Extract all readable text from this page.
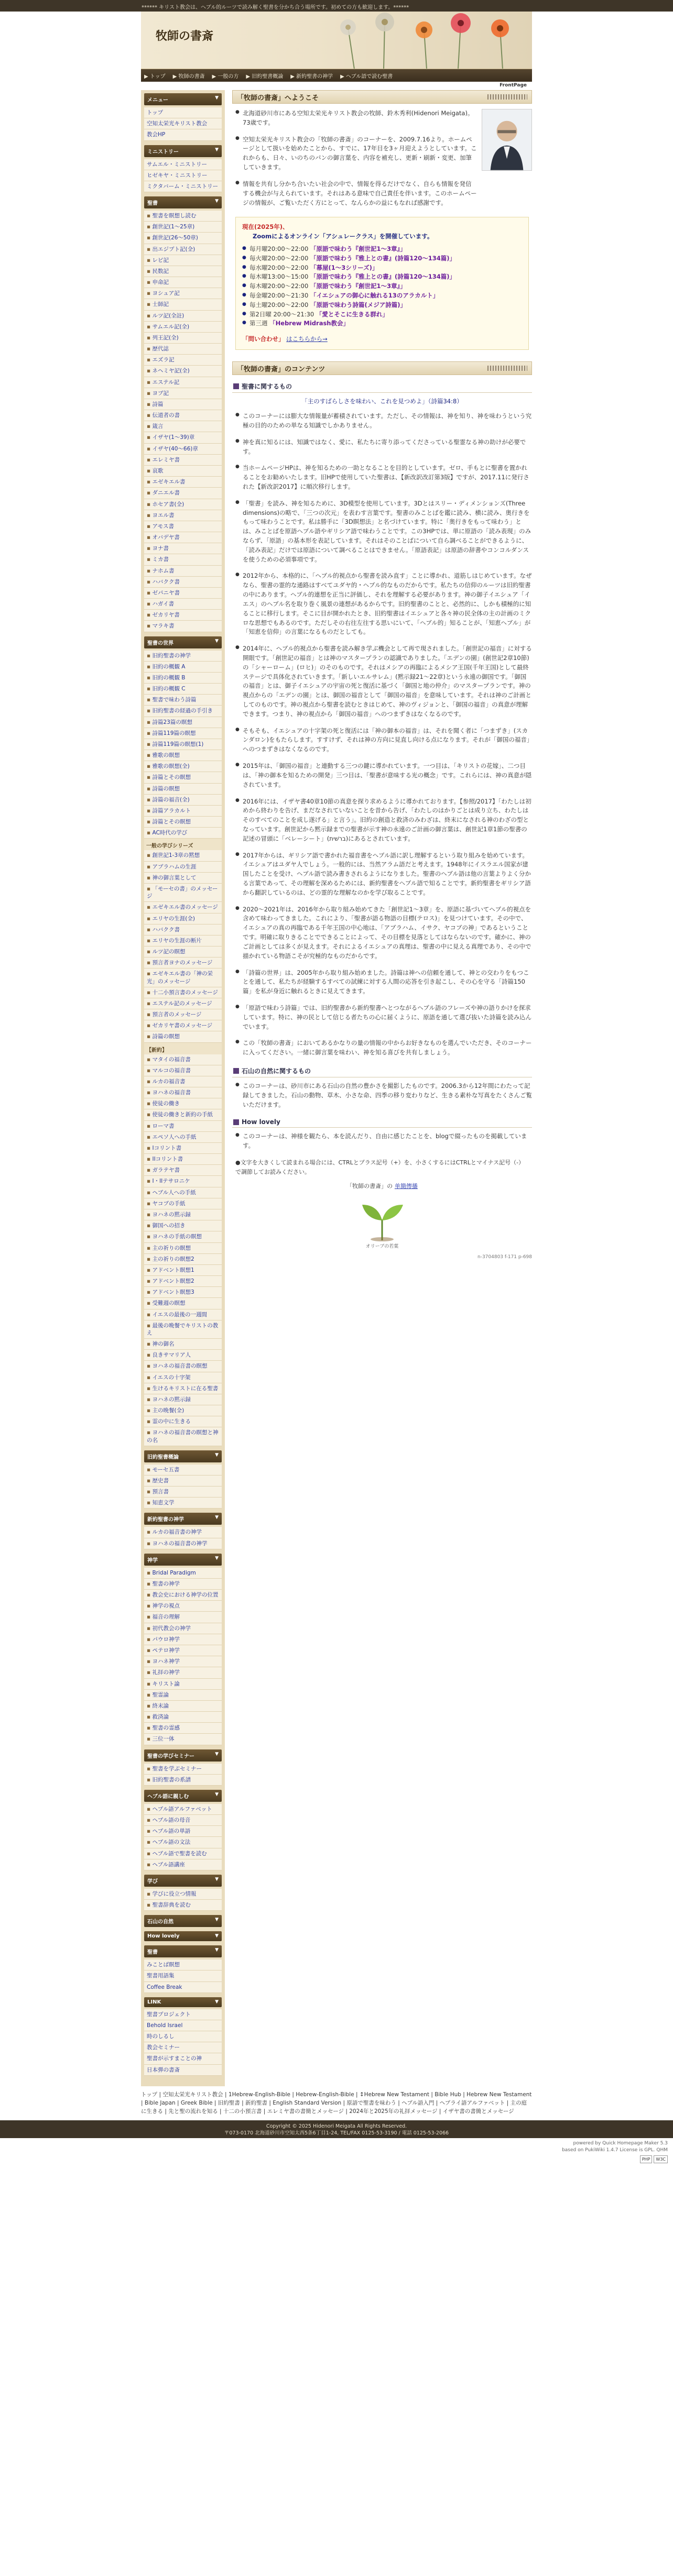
****** キリスト教会は、ヘブル的ルーツで読み解く聖書を分かち合う場所です。初めての方も歓迎します。******
牧師の書斎
▶ トップ ▶ 牧師の書斎 ▶ 一般の方 ▶ 旧約聖書概論 ▶ 新約聖書の神学 ▶ ヘブル語で読む聖書
FrontPage
メニュー	▼
トップ
空知太栄光キリスト教会
教会HP
ミニストリー	▼
サムエル・ミニストリー
ヒゼキヤ・ミニストリー
ミクタバーム・ミニストリー
聖書	▼
▪ 聖書を瞑想し読む
▪ 創世記(1〜25章)
▪ 創世記(26〜50章)
▪ 出エジプト記(全)
▪ レビ記
▪ 民数記
▪ 申命記
▪ ヨシュア記
▪ 士師記
▪ ルツ記(全註)
▪ サムエル記(全)
▪ 列王記(全)
▪ 歴代誌
▪ エズラ記
▪ ネヘミヤ記(全)
▪ エステル記
▪ ヨブ記
▪ 詩篇
▪ 伝道者の書
▪ 箴言
▪ イザヤ(1〜39)章
▪ イザヤ(40〜66)章
▪ エレミヤ書
▪ 哀歌
▪ エゼキエル書
▪ ダニエル書
▪ ホセア書(全)
▪ ヨエル書
▪ アモス書
▪ オバデヤ書
▪ ヨナ書
▪ ミカ書
▪ ナホム書
▪ ハバクク書
▪ ゼパニヤ書
▪ ハガイ書
▪ ゼカリヤ書
▪ マラキ書
聖書の世界	▼
▪ 旧約聖書の神学
▪ 旧約の概観 A
▪ 旧約の概観 B
▪ 旧約の概観 C
▪ 聖書で味わう詩篇
▪ 旧約聖書の経過の手引き
▪ 詩篇23篇の瞑想
▪ 詩篇119篇の瞑想
▪ 詩篇119篇の瞑想(1)
▪ 雅歌の瞑想
▪ 雅歌の瞑想(全)
▪ 詩篇とその瞑想
▪ 詩篇の瞑想
▪ 詩篇の福音(全)
▪ 詩篇アラカルト
▪ 詩篇とその瞑想
▪ AC時代の学び
一般の学びシリーズ
▪ 創世記1-3章の黙想
▪ アブラハムの生涯
▪ 神の御言葉として
▪ 「モーセの書」のメッセージ
▪ エゼキエル書のメッセージ
▪ エリヤの生涯(全)
▪ ハバクク書
▪ エリヤの生涯の断片
▪ ルツ記の瞑想
▪ 預言者ヨナのメッセージ
▪ エゼキエル書の「神の栄光」のメッセージ
▪ 十二小預言書のメッセージ
▪ エステル記のメッセージ
▪ 預言者のメッセージ
▪ ゼカリヤ書のメッセージ
▪ 詩篇の瞑想
【新約】
▪ マタイの福音書
▪ マルコの福音書
▪ ルカの福音書
▪ ヨハネの福音書
▪ 使徒の働き
▪ 使徒の働きと新約の手紙
▪ ローマ書
▪ エペソ人への手紙
▪ Iコリント書
▪ IIコリント書
▪ ガラテヤ書
▪ I・IIテサロニケ
▪ ヘブル人への手紙
▪ ヤコブの手紙
▪ ヨハネの黙示録
▪ 御国への招き
▪ ヨハネの手紙の瞑想
▪ 主の祈りの瞑想
▪ 主の祈りの瞑想2
▪ アドベント瞑想1
▪ アドベント瞑想2
▪ アドベント瞑想3
▪ 受難週の瞑想
▪ イエスの最後の一週間
▪ 最後の晩餐でキリストの教え
▪ 神の御名
▪ 良きサマリア人
▪ ヨハネの福音書の瞑想
▪ イエスの十字架
▪ 生けるキリストに在る聖書
▪ ヨハネの黙示録
▪ 主の晩餐(全)
▪ 霊の中に生きる
▪ ヨハネの福音書の瞑想と神の名
旧約聖書概論	▼
▪ モーセ五書
▪ 歴史書
▪ 預言書
▪ 知恵文学
新約聖書の神学	▼
▪ ルカの福音書の神学
▪ ヨハネの福音書の神学
神学	▼
▪ Bridal Paradigm
▪ 聖書の神学
▪ 教会史における神学の位置
▪ 神学の視点
▪ 福音の理解
▪ 初代教会の神学
▪ パウロ神学
▪ ペテロ神学
▪ ヨハネ神学
▪ 礼拝の神学
▪ キリスト論
▪ 聖霊論
▪ 終末論
▪ 救済論
▪ 聖書の霊感
▪ 三位一体
聖書の学びセミナー	▼
▪ 聖書を学ぶセミナー
▪ 旧約聖書の系譜
ヘブル語に親しむ	▼
▪ ヘブル語アルファベット
▪ ヘブル語の母音
▪ ヘブル語の単語
▪ ヘブル語の文法
▪ ヘブル語で聖書を読む
▪ ヘブル語講座
学び	▼
▪ 学びに役立つ情報
▪ 聖書辞典を読む
石山の自然	▼
How lovely	▼
聖書	▼
みことば瞑想
聖書用語集
Coffee Break
LINK	▼
聖書プロジェクト
Behold Israel
時のしるし
教会セミナー
聖書が示すまことの神
日本弾の書斎
「牧師の書斎」へようこそ
● 北海道砂川市にある空知太栄光キリスト教会の牧師、鈴木秀利(Hidenori Meigata)。73歳です。
● 空知太栄光キリスト教会の「牧師の書斎」のコーナーを、2009.7.16より。ホームページとして扱いを始めたことから、すでに、17年目を3ヶ月迎えようとしています。これからも、日々、いのちのパンの御言葉を、内容を補充し、更新・刷新・変更、加筆していきます。
● 情報を共有し分かち合いたい社会の中で、情報を得るだけでなく、自らも情報を発信する機会が与えられています。それはある意味で自己責任を伴います。このホームページの情報が、ご覧いただく方にとって、なんらかの益にもなれば感謝です。
現在(2025年)、
Zoomによるオンライン「アシュレークラス」を開催しています。
● 毎月曜20:00〜22:00 「原語で味わう『創世記1〜3章』」
● 毎火曜20:00〜22:00 「原語で味わう『雅上との書』(詩篇120〜134篇)」
● 毎水曜20:00〜22:00 「幕屋(1〜3シリーズ)」
● 毎木曜13:00〜15:00 「原語で味わう『雅上との書』(詩篇120〜134篇)」
● 毎木曜20:00〜22:00 「原語で味わう『創世記1〜3章』」
● 毎金曜20:00〜21:30 「イエシュアの御心に触れる13のアラカルト」
● 毎土曜20:00〜22:00 「原語で味わう詩篇(メジア詩篇)」
● 第2日曜 20:00〜21:30 「愛とそこに生きる群れ」
● 第三週 「Hebrew Midrash教会」
「問い合わせ」 はこちらから→
「牧師の書斎」のコンテンツ
聖書に関するもの
「主のすばらしさを味わい、これを見つめよ」（詩篇34:8）
● このコーナーには膨大な情報量が蓄積されています。ただし、その情報は、神を知り、神を味わうという究極の目的のための単なる知識でしかありません。
● 神を真に知るには、知識ではなく、愛に、私たちに寄り添ってくださっている聖霊なる神の助けが必要です。
● 当ホームページHPは、神を知るための一助となることを目的としています。ゼロ、手もとに聖書を置かれることをお勧めいたします。旧HPで使用していた聖書は、【新改訳改訂第3版】ですが、2017.11に発行された【新改訳2017】に順次移行します。
● 「聖書」を読み、神を知るために、3D模型を使用しています。3Dとはスリー・ディメンションズ(Three dimensions)の略で、「三つの次元」を表わす言葉です。聖書のみことばを鑑に読み、横に読み、奥行きをもって味わうことです。私は勝手に「3D瞑想法」と名づけています。特に「奥行きをもって味わう」とは、みことばを原語ヘブル語やギリシア語で味わうことです。この3HPでは、単に原語の「読み表現」のみならず、「原語」の基本形を表記しています。それはそのことばについて自ら調べることができるように、「読み表記」だけでは原語について調べることはできません。「原語表記」は原語の辞書やコンコルダンスを使うための必須事項です。
● 2012年から、本格的に、「ヘブル的視点から聖書を読み直す」ことに導かれ、道筋しはじめています。なぜなら、聖書の霊的な通路はすべてユダヤ的・ヘブル的なものだからです。私たちの信仰のルーツは旧約聖書の中にあります。ヘブル的連想を正当に評価し、それを理解する必要があります。神の御子イエシュア「イエス」のヘブル名を取り巻く風景の連想があるからです。旧約聖書のことと、必然的に、しかも積極的に知ることに移行します。そこに目が開かれたとき、旧約聖書はイエシュアと各々神の民全体の主の計画のミクロな思想でもあるのです。ただしその右往左往する思いにいて、「ヘブル的」知ることが、「知恵ヘブル」が「知恵を信仰」の言葉になるものだとしても。
● 2014年に、ヘブル的視点から聖書を読み解き学ぶ機会として再で現されました。「創世記の福音」に対する開眼です。「創世記の福音」とは神のマスタープランの認識でありました。「エデンの園」(創世記2章10節)の「シャーローム」(ロヒ)」のそのものです。それはメシアの再臨によるメシア王国(千年王国)として最終ステージで具体化されていきます。「新しいエルサレム」(黙示録21〜22章)という永遠の御国です。「御国の福音」とは、御子イエシュアの宇宙の死と復活に基づく「御国と地の仲介」のマスタープランです。神の視点からの「エデンの園」とは、御国の福音として「御国の福音」を意味しています。それは神のご計画としてのものです。神の視点から聖書を読むときはじめて、神のヴィジョンと、「御国の福音」の真意が理解できます。つまり、神の視点から「御国の福音」へのつまずきはなくなるのです。
● そもそも、イエシュアの十字架の死と復活には「神の御本の福音」は、それを聞く者に「つまずき」(スカンダロン)をもたらします。すすけず、それは神の方向に見直し向ける点になります。それが「御国の福音」へのつまずきはなくなるのです。
● 2015年は、「御国の福音」と連動する三つの鍵に導かれています。一つ目は、「キリストの花嫁」、二つ目は、「神の御本を知るための開発」三つ目は、「聖書が意味する光の概念」です。これらには、神の真意が隠されています。
● 2016年には、イザヤ書40章10節の真意を探り求めるように導かれております。【参照/2017】「わたしは初めから終わりを告げ、まだなされていないことを昔から告げ、「わたしのはかりごとは成り立ち、わたしはそのすべてのことを成し遂げる」と言う」。旧約の創造と救済のみわざは、終末になされる神のわざの型となっています。創世記から黙示録までの聖書が示す神の永遠のご計画の御言葉は、創世記1章1節の聖書の記述の冒頭に「ベレーシート」(ברשׁית)にあるとされています。
● 2017年からは、ギリシア語で書かれた福音書をヘブル語に訳し理解するという取り組みを始めています。イエシュアはユダヤ人でしょう。一般的には、当然アラム語だと考えます。1948年にイスラエル国家が建国したことを受け、ヘブル語で読み書きされるようになりました。聖書のヘブル語は他の言葉よりよく分かる言葉であって、その理解を深めるためには、新約聖書をヘブル語で知ることです。新約聖書をギリシア語から翻訳しているのは、どの霊的な理解なのかを学び取ることです。
● 2020〜2021年は、2016年から取り組み始めてきた「創世記1〜3章」を、原語に基づいてヘブル的視点を含めて味わってきました。これにより、「聖書が語る物語の目標(テロス)」を見つけています。その中で、イエシュアの真の再臨である千年王国の中心地は、「アブラハム、イサク、ヤコブの神」であるということです。明確に取りきることでできることによって、その目標を見落としてはならないのです。確かに、神のご計画としては多くが見えます。それによるイエシュアの真理は、聖書の中に見える真理であり、その中で描かれている物語こそが究極的なものだからです。
● 「詩篇の世界」は、2005年から取り組み始めました。詩篇は神への信頼を通して、神との交わりをもつことを通して、私たちが経験するすべての試練に対する人間の応答を引き起こし、その心を守る「詩篇150篇」を私が身近に触れるときに見えてきます。
● 「原語で味わう詩篇」では、旧約聖書から新約聖書へとつながるヘブル語のフレーズや神の語りかけを探求しています。特に、神の民として信じる者たちの心に届くように、原語を通して選び抜いた詩篇を読み込んでいます。
● この「牧師の書斎」においてあるかなりの量の情報の中からお好きなものを選んでいただき、そのコーナーに入ってください。一緒に御言葉を味わい、神を知る喜びを共有しましょう。
石山の自然に関するもの
● このコーナーは、砂川市にある石山の自然の豊かさを撮影したものです。2006.3から12年間にわたって記録してきました。石山の動物、草木、小さな命、四季の移り変わりなど、生きる素朴な写真をたくさんご覧いただけます。
How lovely
● このコーナーは、神様を観たら、本を読んだり、自由に感じたことを、blogで綴ったものを掲載しています。

●文字を大きくして読まれる場合には、CTRLとプラス記号（+）を、小さくするにはCTRLとマイナス記号（-）で調節してお読みください。

「牧師の書斎」の 单簡傳播
オリーブの若葉
n-3704803 f-171 p-698
トップ | 空知太栄光キリスト教会 | 1Hebrew-English-Bible | Hebrew-English-Bible | ↕Hebrew New Testament | Bible Hub | Hebrew New Testament | Bible Japan | Greek Bible | 旧約聖書 | 新約聖書 | English Standard Version | 原語で聖書を味わう | ヘブル語入門 | ヘブライ語アルファベット | 主の庭に生きる | 先と聖の流れを知る | 十二の小預言書 | エレミヤ書の書簡とメッセージ | 2024年と2025年の礼拝メッセージ | イザヤ書の書簡とメッセージ
Copyright © 2025 Hidenori Meigata All Rights Reserved.
〒073-0170 北海道砂川市空知太西5条6丁目1-24, TEL/FAX 0125-53-3190 / 電話 0125-53-2066
powered by Quick Homepage Maker 5.3
based on PukiWiki 1.4.7 License is GPL. QHM
PHP	W3C
